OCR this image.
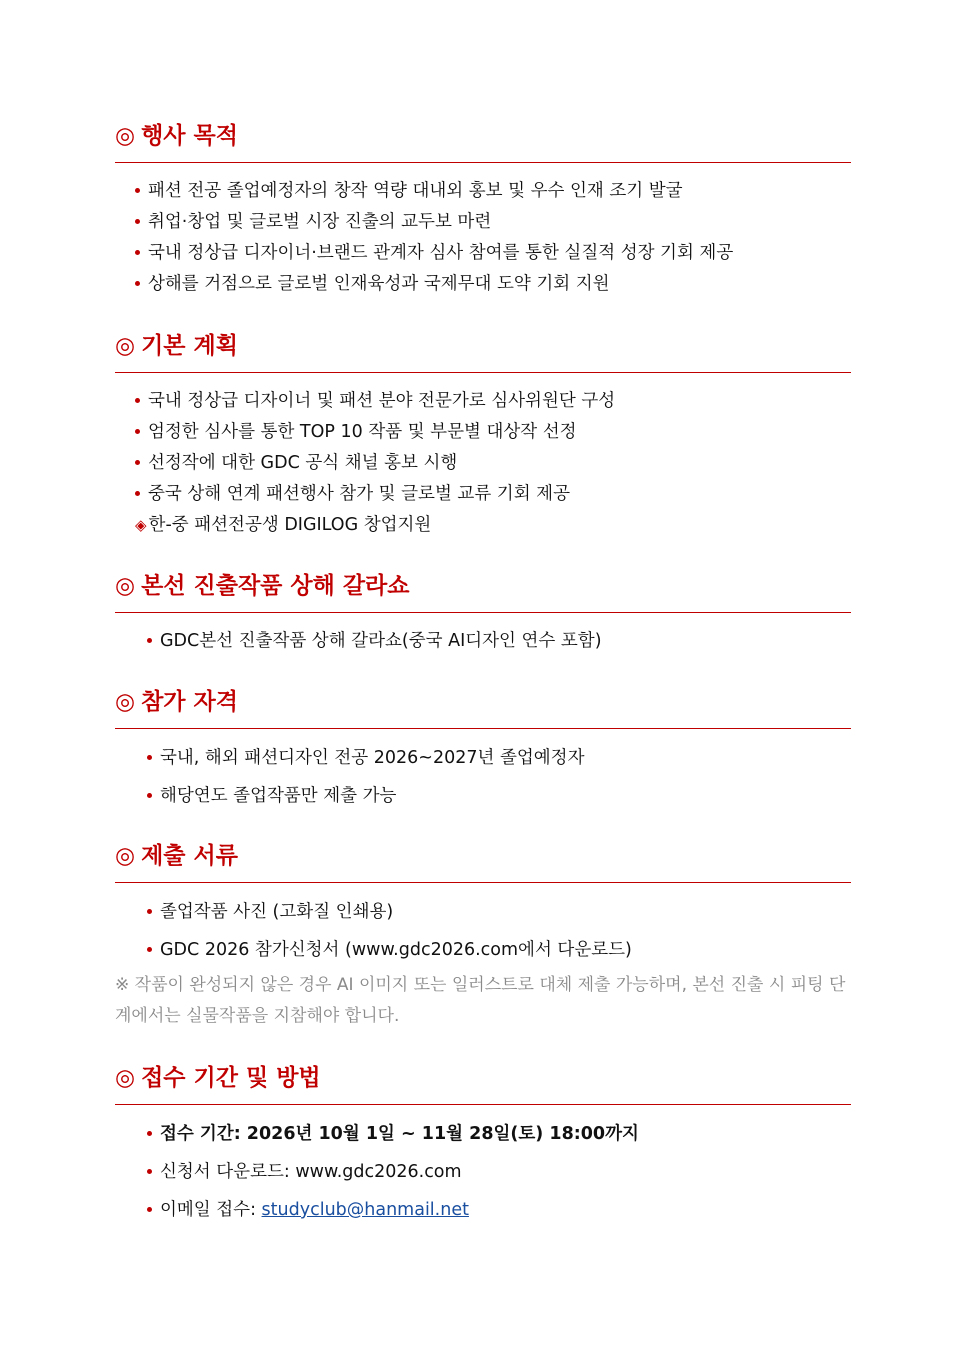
◎ 행사 목적
패션 전공 졸업예정자의 창작 역량 대내외 홍보 및 우수 인재 조기 발굴
취업·창업 및 글로벌 시장 진출의 교두보 마련
국내 정상급 디자이너·브랜드 관계자 심사 참여를 통한 실질적 성장 기회 제공
상해를 거점으로 글로벌 인재육성과 국제무대 도약 기회 지원
◎ 기본 계획
국내 정상급 디자이너 및 패션 분야 전문가로 심사위원단 구성
엄정한 심사를 통한 TOP 10 작품 및 부문별 대상작 선정
선정작에 대한 GDC 공식 채널 홍보 시행
중국 상해 연계 패션행사 참가 및 글로벌 교류 기회 제공
◈ 한-중 패션전공생 DIGILOG 창업지원
◎ 본선 진출작품 상해 갈라쇼
GDC본선 진출작품 상해 갈라쇼(중국 AI디자인 연수 포함)
◎ 참가 자격
국내, 해외 패션디자인 전공 2026~2027년 졸업예정자
해당연도 졸업작품만 제출 가능
◎ 제출 서류
졸업작품 사진 (고화질 인쇄용)
GDC 2026 참가신청서 (www.gdc2026.com에서 다운로드)
※ 작품이 완성되지 않은 경우 AI 이미지 또는 일러스트로 대체 제출 가능하며, 본선 진출 시 피팅 단계에서는 실물작품을 지참해야 합니다.
◎ 접수 기간 및 방법
접수 기간: 2026년 10월 1일 ~ 11월 28일(토) 18:00까지
신청서 다운로드: www.gdc2026.com
이메일 접수: studyclub@hanmail.net
